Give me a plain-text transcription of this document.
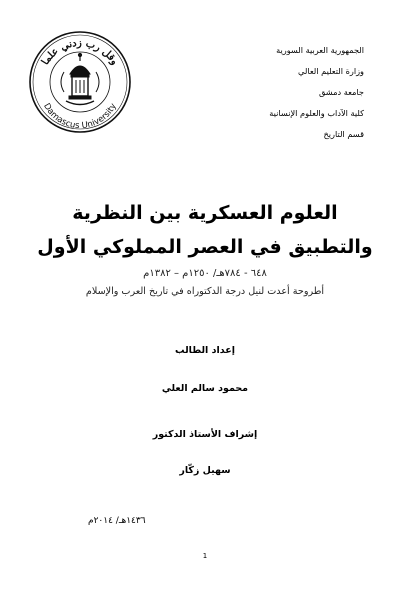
وقل رب زدني علما
Damascus University
الجمهورية العربية السورية
وزارة التعليم العالي
جامعة دمشق
كلية الآداب والعلوم الإنسانية
قسم التاريخ
العلوم العسكرية بين النظرية
والتطبيق في العصر المملوكي الأول
٦٤٨ - ٧٨٤هـ/ ١٢٥٠م – ١٣٨٢م
أطروحة أعدت لنيل درجة الدكتوراه في تاريخ العرب والإسلام
إعداد الطالب
محمود سالم العلي
إشراف الأستاذ الدكتور
سهيل زكّار
١٤٣٦هـ/ ٢٠١٤م
1
